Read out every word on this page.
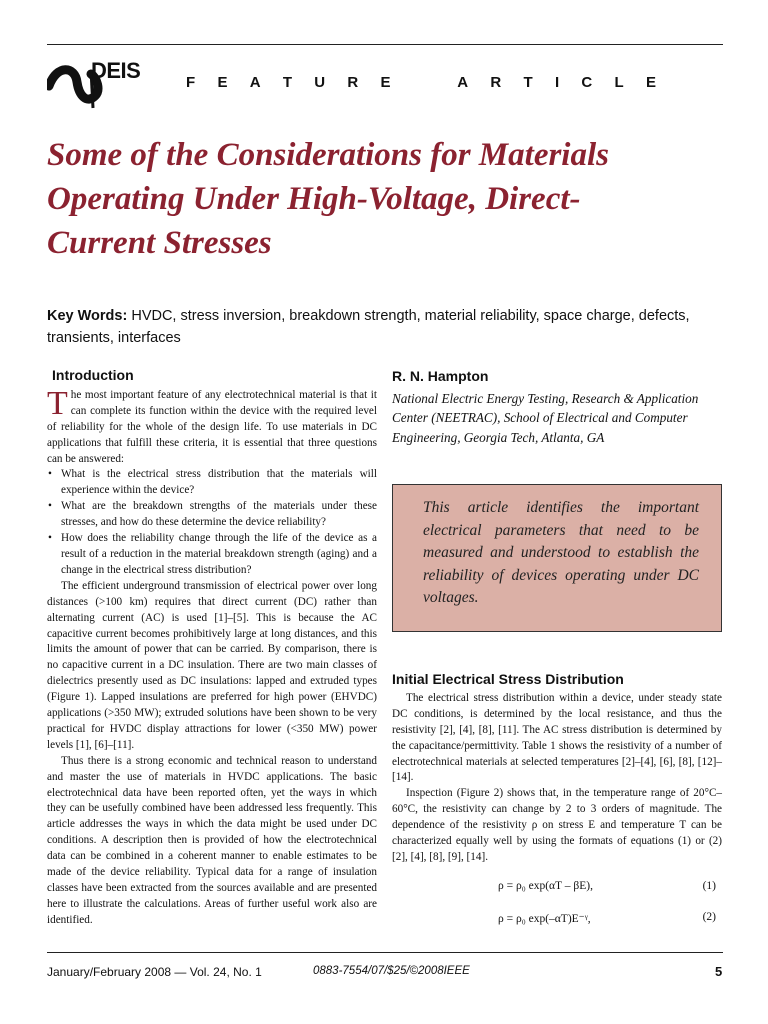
DEIS	F E A T U R E	A R T I C L E
Some of the Considerations for Materials
Operating Under High-Voltage, Direct-
Current Stresses
Key Words: HVDC, stress inversion, breakdown strength, material reliability, space charge, defects, transients, interfaces
Introduction

The most important feature of any electrotechnical material is that it can complete its function within the device with the required level of reliability for the whole of the design life. To use materials in DC applications that fulfill these criteria, it is essential that three questions can be answered:

• What is the electrical stress distribution that the materials will experience within the device?
• What are the breakdown strengths of the materials under these stresses, and how do these determine the device reliability?
• How does the reliability change through the life of the device as a result of a reduction in the material breakdown strength (aging) and a change in the electrical stress distribution?

The efficient underground transmission of electrical power over long distances (>100 km) requires that direct current (DC) rather than alternating current (AC) is used [1]–[5]. This is because the AC capacitive current becomes prohibitively large at long distances, and this limits the amount of power that can be carried. By comparison, there is no capacitive current in a DC insulation. There are two main classes of dielectrics presently used as DC insulations: lapped and extruded types (Figure 1). Lapped insulations are preferred for high power (EHVDC) applications (>350 MW); extruded solutions have been shown to be very practical for HVDC display attractions for lower (<350 MW) power levels [1], [6]–[11].

Thus there is a strong economic and technical reason to understand and master the use of materials in HVDC applications. The basic electrotechnical data have been reported often, yet the ways in which they can be usefully combined have been addressed less frequently. This article addresses the ways in which the data might be used under DC conditions. A description then is provided of how the electrotechnical data can be combined in a coherent manner to enable estimates to be made of the device reliability. Typical data for a range of insulation classes have been extracted from the sources available and are presented here to illustrate the calculations. Areas of further useful work also are identified.

R. N. Hampton
National Electric Energy Testing, Research & Application Center (NEETRAC), School of Electrical and Computer Engineering, Georgia Tech, Atlanta, GA
This article identifies the important electrical parameters that need to be measured and understood to establish the reliability of devices operating under DC voltages.
Initial Electrical Stress Distribution

The electrical stress distribution within a device, under steady state DC conditions, is determined by the local resistance, and thus the resistivity [2], [4], [8], [11]. The AC stress distribution is determined by the capacitance/permittivity. Table 1 shows the resistivity of a number of electrotechnical materials at selected temperatures [2]–[4], [6], [8], [12]–[14].

Inspection (Figure 2) shows that, in the temperature range of 20°C–60°C, the resistivity can change by 2 to 3 orders of magnitude. The dependence of the resistivity ρ on stress E and temperature T can be characterized equally well by using the formats of equations (1) or (2) [2], [4], [8], [9], [14].

ρ = ρ₀ exp(αT – βE),	(1)
ρ = ρ₀ exp(–αT)E⁻ᵞ,	(2)
January/February 2008 — Vol. 24, No. 1	0883-7554/07/$25/©2008IEEE	5
